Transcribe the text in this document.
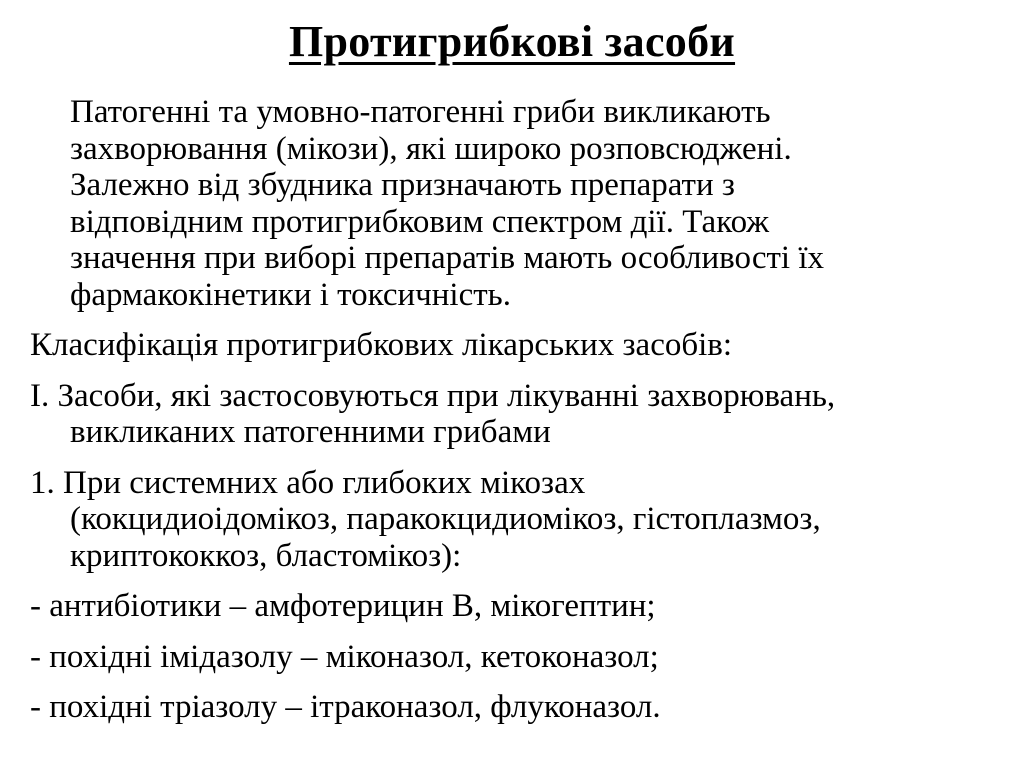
Протигрибкові засоби
Патогенні та умовно-патогенні гриби викликають
захворювання (мікози), які широко розповсюджені.
Залежно від збудника призначають препарати з
відповідним протигрибковим спектром дії. Також
значення при виборі препаратів мають особливості їх
фармакокінетики і токсичність.
Класифікація протигрибкових лікарських засобів:
І. Засоби, які застосовуються при лікуванні захворювань,
викликаних патогенними грибами
1. При системних або глибоких мікозах
(кокцидиоідомікоз, паракокцидиомікоз, гістоплазмоз,
криптококкоз, бластомікоз):
- антибіотики – амфотерицин В, мікогептин;
- похідні імідазолу – міконазол, кетоконазол;
- похідні тріазолу – ітраконазол, флуконазол.
